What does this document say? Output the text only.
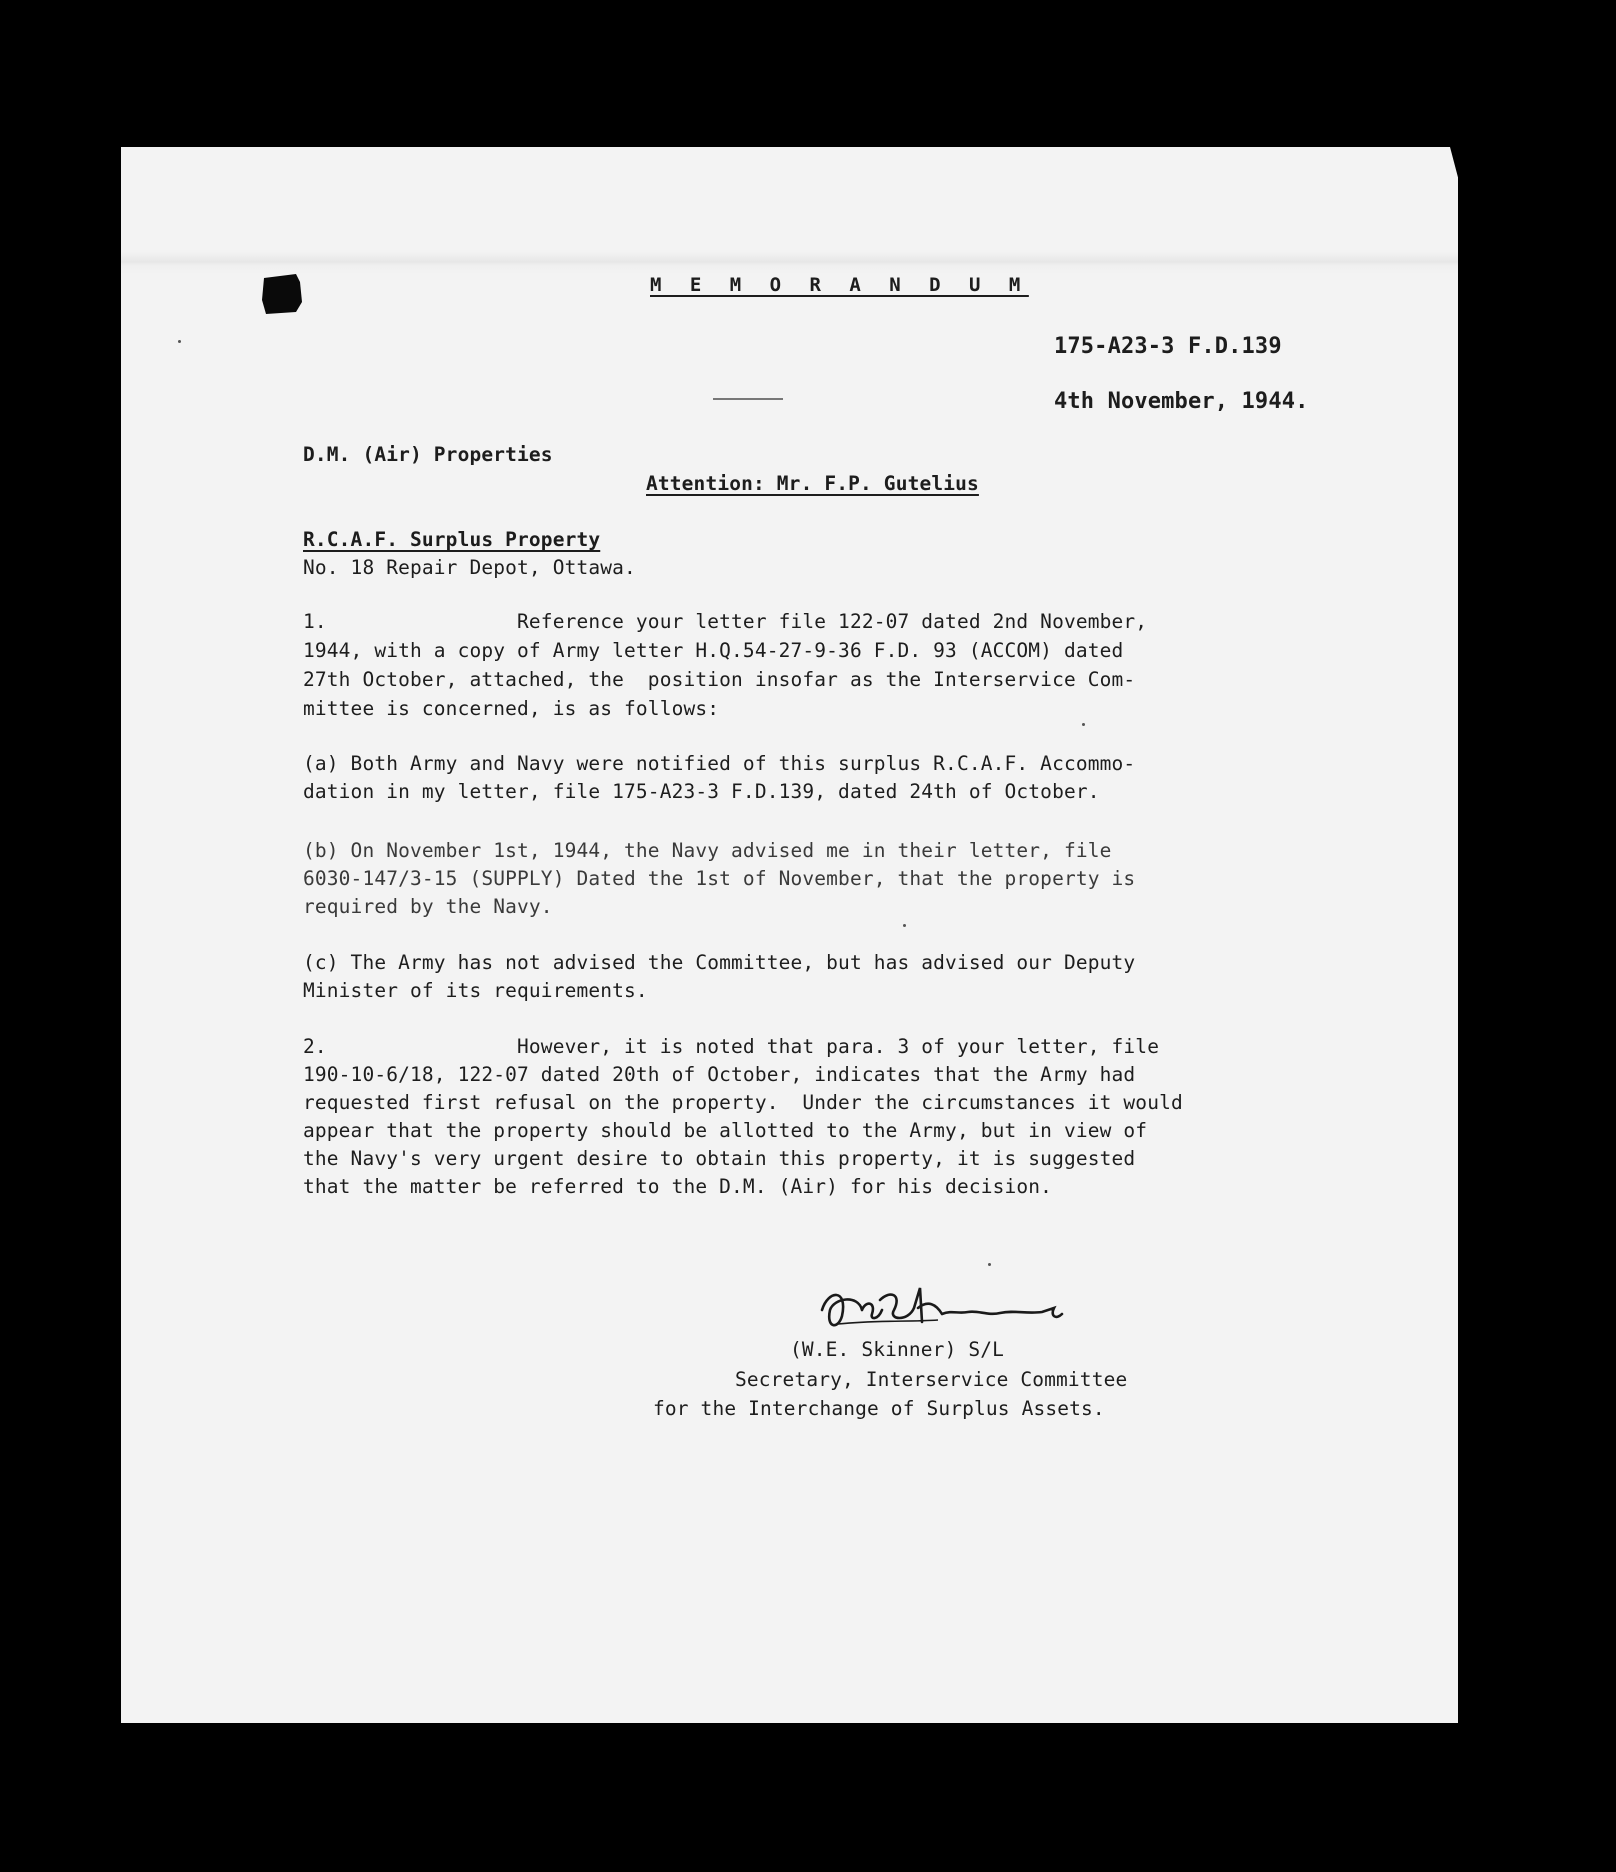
M E M O R A N D U M
175-A23-3 F.D.139
4th November, 1944.
D.M. (Air) Properties
Attention: Mr. F.P. Gutelius
R.C.A.F. Surplus Property
No. 18 Repair Depot, Ottawa.
1.                Reference your letter file 122-07 dated 2nd November,
1944, with a copy of Army letter H.Q.54-27-9-36 F.D. 93 (ACCOM) dated
27th October, attached, the  position insofar as the Interservice Com-
mittee is concerned, is as follows:
(a) Both Army and Navy were notified of this surplus R.C.A.F. Accommo-
dation in my letter, file 175-A23-3 F.D.139, dated 24th of October.
(b) On November 1st, 1944, the Navy advised me in their letter, file
6030-147/3-15 (SUPPLY) Dated the 1st of November, that the property is
required by the Navy.
(c) The Army has not advised the Committee, but has advised our Deputy
Minister of its requirements.
2.                However, it is noted that para. 3 of your letter, file
190-10-6/18, 122-07 dated 20th of October, indicates that the Army had
requested first refusal on the property.  Under the circumstances it would
appear that the property should be allotted to the Army, but in view of
the Navy's very urgent desire to obtain this property, it is suggested
that the matter be referred to the D.M. (Air) for his decision.
(W.E. Skinner) S/L
Secretary, Interservice Committee
for the Interchange of Surplus Assets.
